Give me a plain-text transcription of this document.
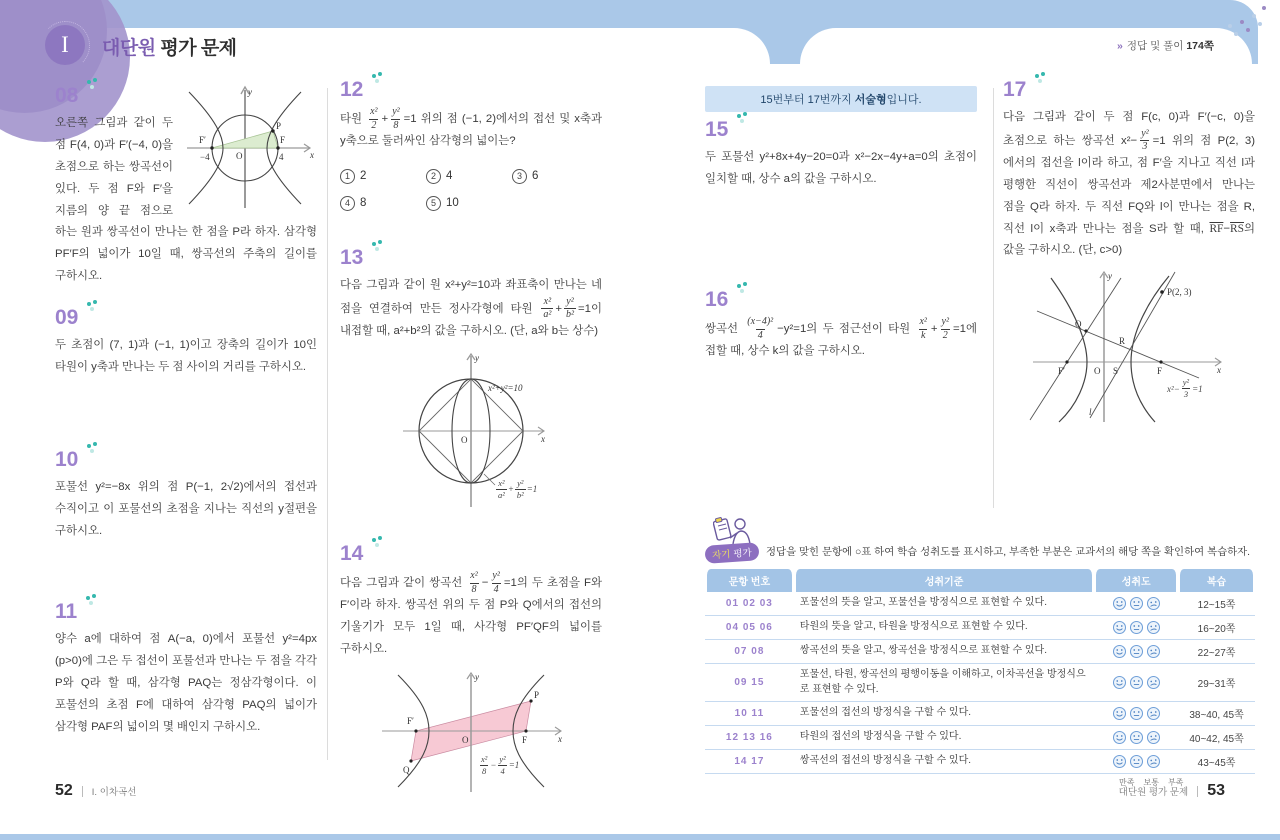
I	대단원 평가 문제	» 정답 및 풀이 174쪽
08	y
x
O
F′
−4
F
4
P
오른쪽 그림과 같이 두 점 F(4, 0)과 F′(−4, 0)을 초점으로 하는 쌍곡선이 있다. 두 점 F와 F′을 지름의 양 끝 점으로 하는 원과 쌍곡선이 만나는 한 점을 P라 하자. 삼각형 PF′F의 넓이가 10일 때, 쌍곡선의 주축의 길이를 구하시오.
09
두 초점이 (7, 1)과 (−1, 1)이고 장축의 길이가 10인 타원이 y축과 만나는 두 점 사이의 거리를 구하시오.
10
포물선 y²=−8x 위의 점 P(−1, 2√2)에서의 접선과 수직이고 이 포물선의 초점을 지나는 직선의 y절편을 구하시오.
11
양수 a에 대하여 점 A(−a, 0)에서 포물선 y²=4px (p>0)에 그은 두 접선이 포물선과 만나는 두 점을 각각 P와 Q라 할 때, 삼각형 PAQ는 정삼각형이다. 이 포물선의 초점 F에 대하여 삼각형 PAQ의 넓이가 삼각형 PAF의 넓이의 몇 배인지 구하시오.
12
타원 $\frac{\text{x²}}{2} + \frac{\text{y²}}{8} =1$ 위의 점 (−1, 2)에서의 접선 및 x축과 y축으로 둘러싸인 삼각형의 넓이는?
1 2	2 4	3 6
4 8	5 10
13
다음 그림과 같이 원 x²+y²=10과 좌표축이 만나는 네 점을 연결하여 만든 정사각형에 타원 $\frac{\text{x²}}{\text{a²}} + \frac{\text{y²}}{\text{b²}} =1$이 내접할 때, a²+b²의 값을 구하시오. (단, a와 b는 상수)
y
x
O
x²+y²=10
$\frac{\text{x²}}{\text{a²}} + \frac{\text{y²}}{\text{b²}} =1$
14
다음 그림과 같이 쌍곡선 $\frac{\text{x²}}{8} - \frac{\text{y²}}{4} =1$의 두 초점을 F와 F′이라 하자. 쌍곡선 위의 두 점 P와 Q에서의 접선의 기울기가 모두 1일 때, 사각형 PF′QF의 넓이를 구하시오.
y
x
O
F′
F
P
Q	$\frac{\text{x²}}{8} - \frac{\text{y²}}{4} =1$
15번부터 17번까지 서술형입니다.
15
두 포물선 y²+8x+4y−20=0과 x²−2x−4y+a=0의 초점이 일치할 때, 상수 a의 값을 구하시오.
16
쌍곡선 $\frac{\text{(x−4)²}}{4} -y^2=1$의 두 점근선이 타원 $\frac{\text{x²}}{k} + \frac{\text{y²}}{2} =1$에 접할 때, 상수 k의 값을 구하시오.
17
다음 그림과 같이 두 점 F(c, 0)과 F′(−c, 0)을 초점으로 하는 쌍곡선 $x^2- \frac{\text{y²}}{3} =1$ 위의 점 P(2, 3)에서의 접선을 l이라 하고, 점 F′을 지나고 직선 l과 평행한 직선이 쌍곡선과 제2사분면에서 만나는 점을 Q라 하자. 두 직선 FQ와 l이 만나는 점을 R, 직선 l이 x축과 만나는 점을 S라 할 때, $\overline{RF}-\overline{RS}$의 값을 구하시오. (단, c>0)
y
x
O
F′	S	F
P(2, 3)
Q
R
l
$x^2- \frac{\text{y²}}{3} =1$
자기 평가	정답을 맞힌 문항에 ○표 하여 학습 성취도를 표시하고, 부족한 부분은 교과서의 해당 쪽을 확인하여 복습하자.
문항 번호	성취기준	성취도	복습
01 02 03	포물선의 뜻을 알고, 포물선을 방정식으로 표현할 수 있다.		12~15쪽
04 05 06	타원의 뜻을 알고, 타원을 방정식으로 표현할 수 있다.		16~20쪽
07 08	쌍곡선의 뜻을 알고, 쌍곡선을 방정식으로 표현할 수 있다.		22~27쪽
09 15	포물선, 타원, 쌍곡선의 평행이동을 이해하고, 이차곡선을 방정식으로 표현할 수 있다.		29~31쪽
10 11	포물선의 접선의 방정식을 구할 수 있다.		38~40, 45쪽
12 13 16	타원의 접선의 방정식을 구할 수 있다.		40~42, 45쪽
14 17	쌍곡선의 접선의 방정식을 구할 수 있다.		43~45쪽
만족 보통 부족
52 I. 이차곡선	대단원 평가 문제 53
